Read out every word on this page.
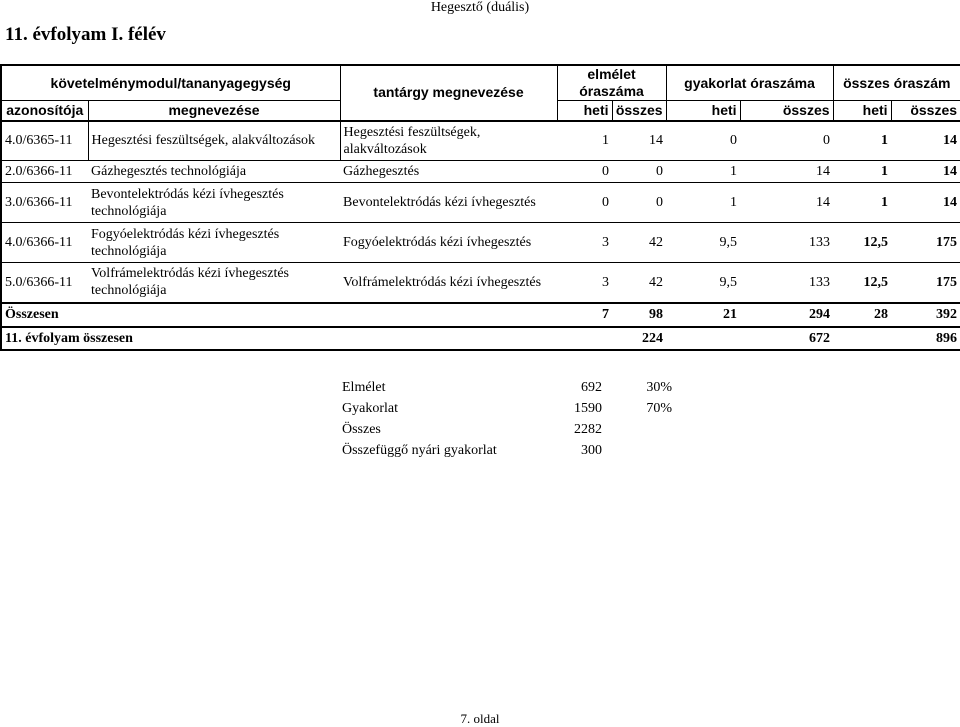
Hegesztő (duális)
11. évfolyam I. félév
követelménymodul/tananyagegység		tantárgy megnevezése	elmélet óraszáma		gyakorlat óraszáma		összes óraszám	
azonosítója	megnevezése		heti	összes	heti	összes	heti	összes
4.0/6365-11	Hegesztési feszültségek, alakváltozások	Hegesztési feszültségek, alakváltozások	1	14	0	0	1	14
2.0/6366-11	Gázhegesztés technológiája	Gázhegesztés	0	0	1	14	1	14
3.0/6366-11	Bevontelektródás kézi ívhegesztés technológiája	Bevontelektródás kézi ívhegesztés	0	0	1	14	1	14
4.0/6366-11	Fogyóelektródás kézi ívhegesztés technológiája	Fogyóelektródás kézi ívhegesztés	3	42	9,5	133	12,5	175
5.0/6366-11	Volfrámelektródás kézi ívhegesztés technológiája	Volfrámelektródás kézi ívhegesztés	3	42	9,5	133	12,5	175
Összesen			7	98	21	294	28	392
11. évfolyam összesen			224		672		896	
Elmélet	692	30%
Gyakorlat	1590	70%
Összes	2282	
Összefüggő nyári gyakorlat	300	
7. oldal
